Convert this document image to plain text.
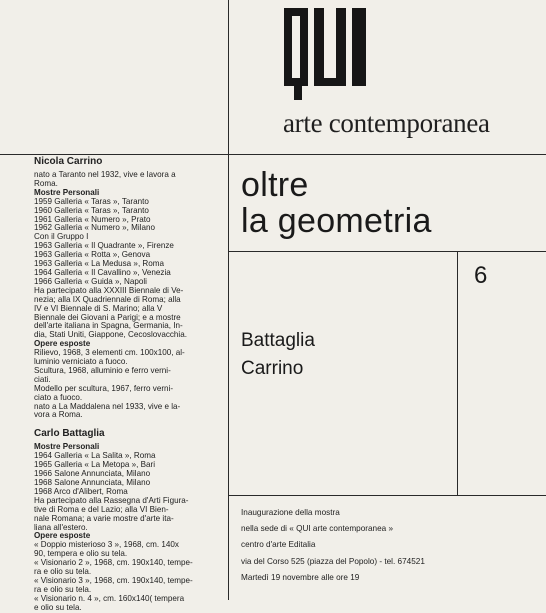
arte contemporanea
Nicola Carrino

nato a Taranto nel 1932, vive e lavora a

Roma.

Mostre Personali

1959 Galleria « Taras », Taranto

1960 Galleria « Taras », Taranto

1961 Galleria « Numero », Prato

1962 Galleria « Numero », Milano

Con il Gruppo I

1963 Galleria « Il Quadrante », Firenze

1963 Galleria « Rotta », Genova

1963 Galleria « La Medusa », Roma

1964 Galleria « Il Cavallino », Venezia

1966 Galleria « Guida », Napoli

Ha partecipato alla XXXIII Biennale di Ve-

nezia; alla IX Quadriennale di Roma; alla

IV e VI Biennale di S. Marino; alla V

Biennale dei Giovani a Parigi; e a mostre

dell'arte italiana in Spagna, Germania, In-

dia, Stati Uniti, Giappone, Cecoslovacchia.

Opere esposte

Rilievo, 1968, 3 elementi cm. 100x100, al-

luminio verniciato a fuoco.

Scultura, 1968, alluminio e ferro verni-

ciati.

Modello per scultura, 1967, ferro verni-

ciato a fuoco.

nato a La Maddalena nel 1933, vive e la-

vora a Roma.

Carlo Battaglia

Mostre Personali

1964 Galleria « La Salita », Roma

1965 Galleria « La Metopa », Bari

1966 Salone Annunciata, Milano

1968 Salone Annunciata, Milano

1968 Arco d'Alibert, Roma

Ha partecipato alla Rassegna d'Arti Figura-

tive di Roma e del Lazio; alla VI Bien-

nale Romana; a varie mostre d'arte ita-

liana all'estero.

Opere esposte

« Doppio misterioso 3 », 1968, cm. 140x

90, tempera e olio su tela.

« Visionario 2 », 1968, cm. 190x140, tempe-

ra e olio su tela.

« Visionario 3 », 1968, cm. 190x140, tempe-

ra e olio su tela.

« Visionario n. 4 », cm. 160x140( tempera

e olio su tela.

oltre

la geometria

6

Battaglia

Carrino

Inaugurazione della mostra

nella sede di « QUI arte contemporanea »

centro d'arte Editalia

via del Corso 525 (piazza del Popolo) - tel. 674521

Martedì 19 novembre alle ore 19
